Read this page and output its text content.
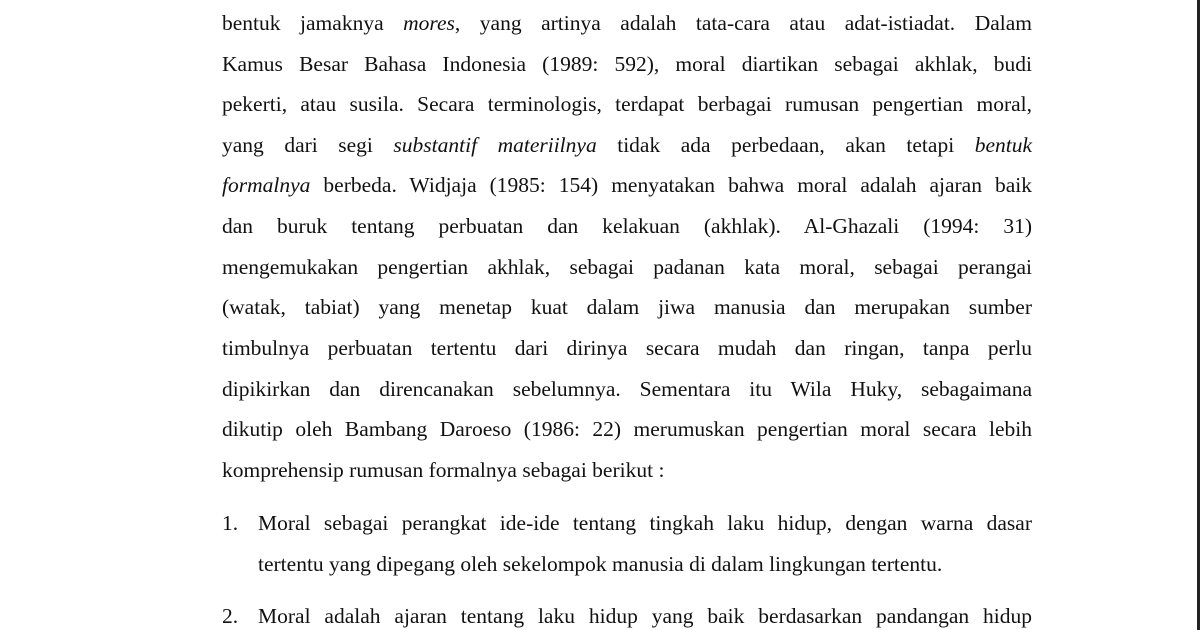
bentuk jamaknya mores, yang artinya adalah tata-cara atau adat-istiadat. Dalam
Kamus Besar Bahasa Indonesia (1989: 592), moral diartikan sebagai akhlak, budi
pekerti, atau susila. Secara terminologis, terdapat berbagai rumusan pengertian moral,
yang dari segi substantif materiilnya tidak ada perbedaan, akan tetapi bentuk
formalnya berbeda. Widjaja (1985: 154) menyatakan bahwa moral adalah ajaran baik
dan buruk tentang perbuatan dan kelakuan (akhlak). Al-Ghazali (1994: 31)
mengemukakan pengertian akhlak, sebagai padanan kata moral, sebagai perangai
(watak, tabiat) yang menetap kuat dalam jiwa manusia dan merupakan sumber
timbulnya perbuatan tertentu dari dirinya secara mudah dan ringan, tanpa perlu
dipikirkan dan direncanakan sebelumnya. Sementara itu Wila Huky, sebagaimana
dikutip oleh Bambang Daroeso (1986: 22) merumuskan pengertian moral secara lebih
komprehensip rumusan formalnya sebagai berikut :
1. Moral sebagai perangkat ide-ide tentang tingkah laku hidup, dengan warna dasar
tertentu yang dipegang oleh sekelompok manusia di dalam lingkungan tertentu.
2. Moral adalah ajaran tentang laku hidup yang baik berdasarkan pandangan hidup
